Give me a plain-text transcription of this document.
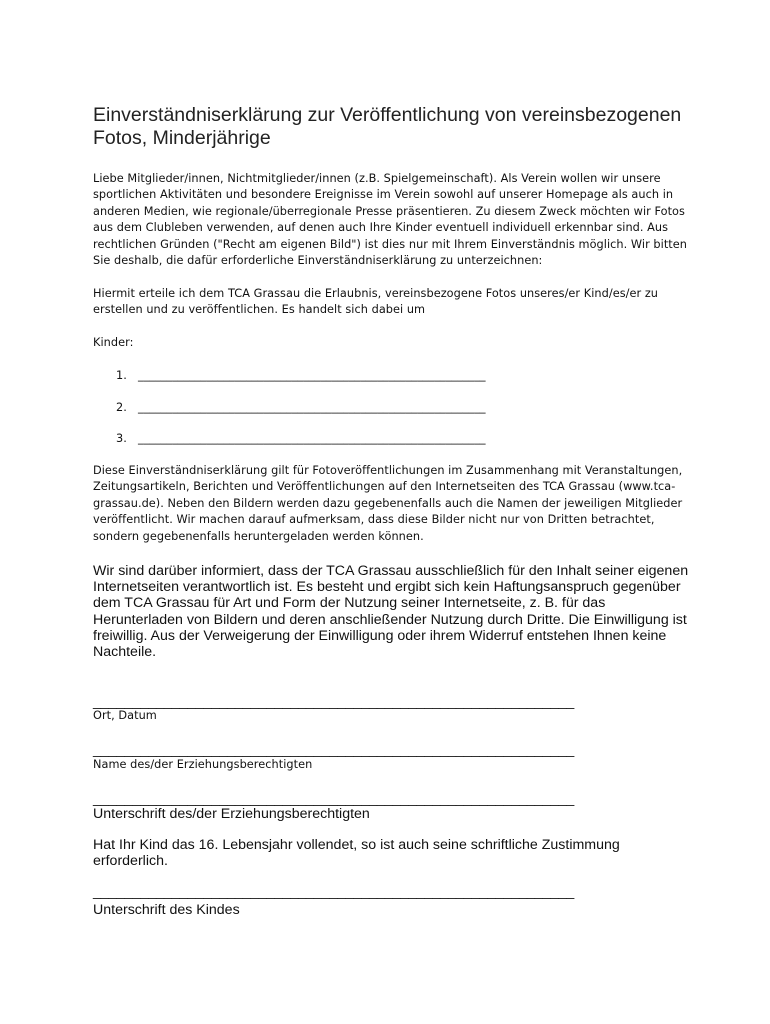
Einverständniserklärung zur Veröffentlichung von vereinsbezogenen Fotos, Minderjährige

Liebe Mitglieder/innen, Nichtmitglieder/innen (z.B. Spielgemeinschaft). Als Verein wollen wir unsere sportlichen Aktivitäten und besondere Ereignisse im Verein sowohl auf unserer Homepage als auch in anderen Medien, wie regionale/überregionale Presse präsentieren. Zu diesem Zweck möchten wir Fotos aus dem Clubleben verwenden, auf denen auch Ihre Kinder eventuell individuell erkennbar sind. Aus rechtlichen Gründen ("Recht am eigenen Bild") ist dies nur mit Ihrem Einverständnis möglich. Wir bitten Sie deshalb, die dafür erforderliche Einverständniserklärung zu unterzeichnen:

Hiermit erteile ich dem TCA Grassau die Erlaubnis, vereinsbezogene Fotos unseres/er Kind/es/er zu erstellen und zu veröffentlichen. Es handelt sich dabei um

Kinder:

1. _____________________________________________________________

2. _____________________________________________________________

3. _____________________________________________________________

Diese Einverständniserklärung gilt für Fotoveröffentlichungen im Zusammenhang mit Veranstaltungen, Zeitungsartikeln, Berichten und Veröffentlichungen auf den Internetseiten des TCA Grassau (www.tca-grassau.de). Neben den Bildern werden dazu gegebenenfalls auch die Namen der jeweiligen Mitglieder veröffentlicht. Wir machen darauf aufmerksam, dass diese Bilder nicht nur von Dritten betrachtet, sondern gegebenenfalls heruntergeladen werden können.

Wir sind darüber informiert, dass der TCA Grassau ausschließlich für den Inhalt seiner eigenen Internetseiten verantwortlich ist. Es besteht und ergibt sich kein Haftungsanspruch gegenüber dem TCA Grassau für Art und Form der Nutzung seiner Internetseite, z. B. für das Herunterladen von Bildern und deren anschließender Nutzung durch Dritte. Die Einwilligung ist freiwillig. Aus der Verweigerung der Einwilligung oder ihrem Widerruf entstehen Ihnen keine Nachteile.

_____________________________________________________________

Ort, Datum

_____________________________________________________________

Name des/der Erziehungsberechtigten

_____________________________________________________________

Unterschrift des/der Erziehungsberechtigten

Hat Ihr Kind das 16. Lebensjahr vollendet, so ist auch seine schriftliche Zustimmung erforderlich.

_____________________________________________________________

Unterschrift des Kindes
